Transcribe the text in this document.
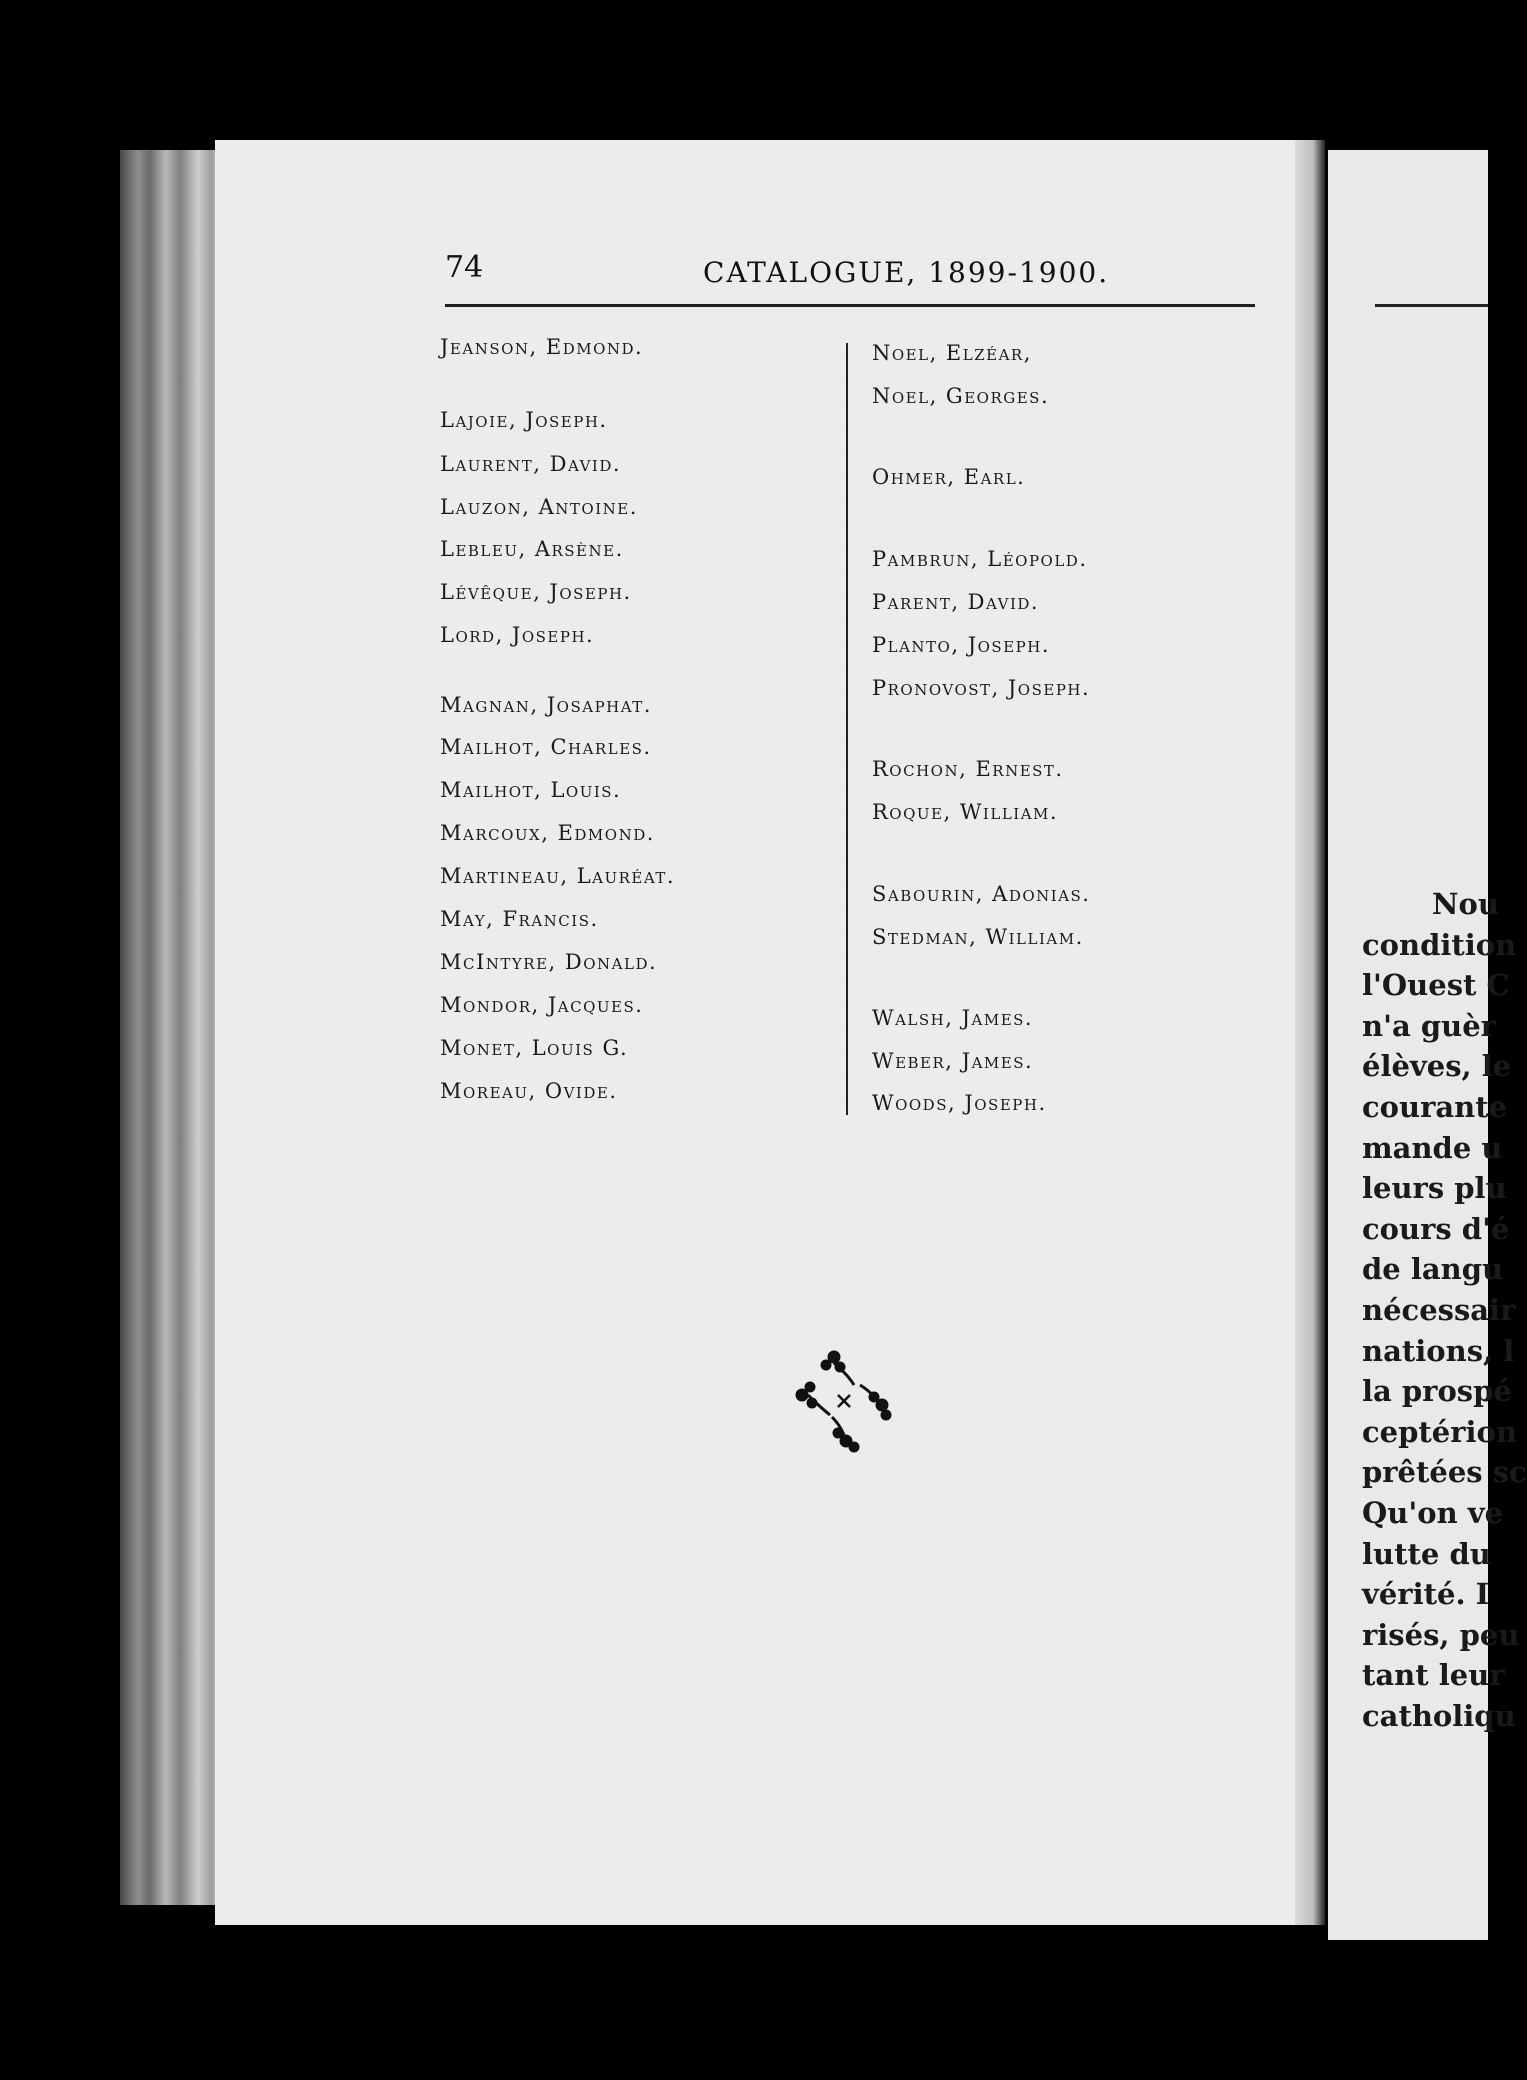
74	CATALOGUE, 1899-1900.
Jeanson, Edmond.
Lajoie, Joseph.
Laurent, David.
Lauzon, Antoine.
Lebleu, Arsène.
Lévêque, Joseph.
Lord, Joseph.
Magnan, Josaphat.
Mailhot, Charles.
Mailhot, Louis.
Marcoux, Edmond.
Martineau, Lauréat.
May, Francis.
McIntyre, Donald.
Mondor, Jacques.
Monet, Louis G.
Moreau, Ovide.
Noel, Elzéar,
Noel, Georges.
Ohmer, Earl.
Pambrun, Léopold.
Parent, David.
Planto, Joseph.
Pronovost, Joseph.
Rochon, Ernest.
Roque, William.
Sabourin, Adonias.
Stedman, William.
Walsh, James.
Weber, James.
Woods, Joseph.
Nou
condition
l'Ouest C
n'a guèr
élèves, le
courante
mande u
leurs plu
cours d'é
de langu
nécessair
nations, l
la prospé
ceptérion
prêtées sc
Qu'on ve
lutte du
vérité. I
risés, peu
tant leur
catholiqu
